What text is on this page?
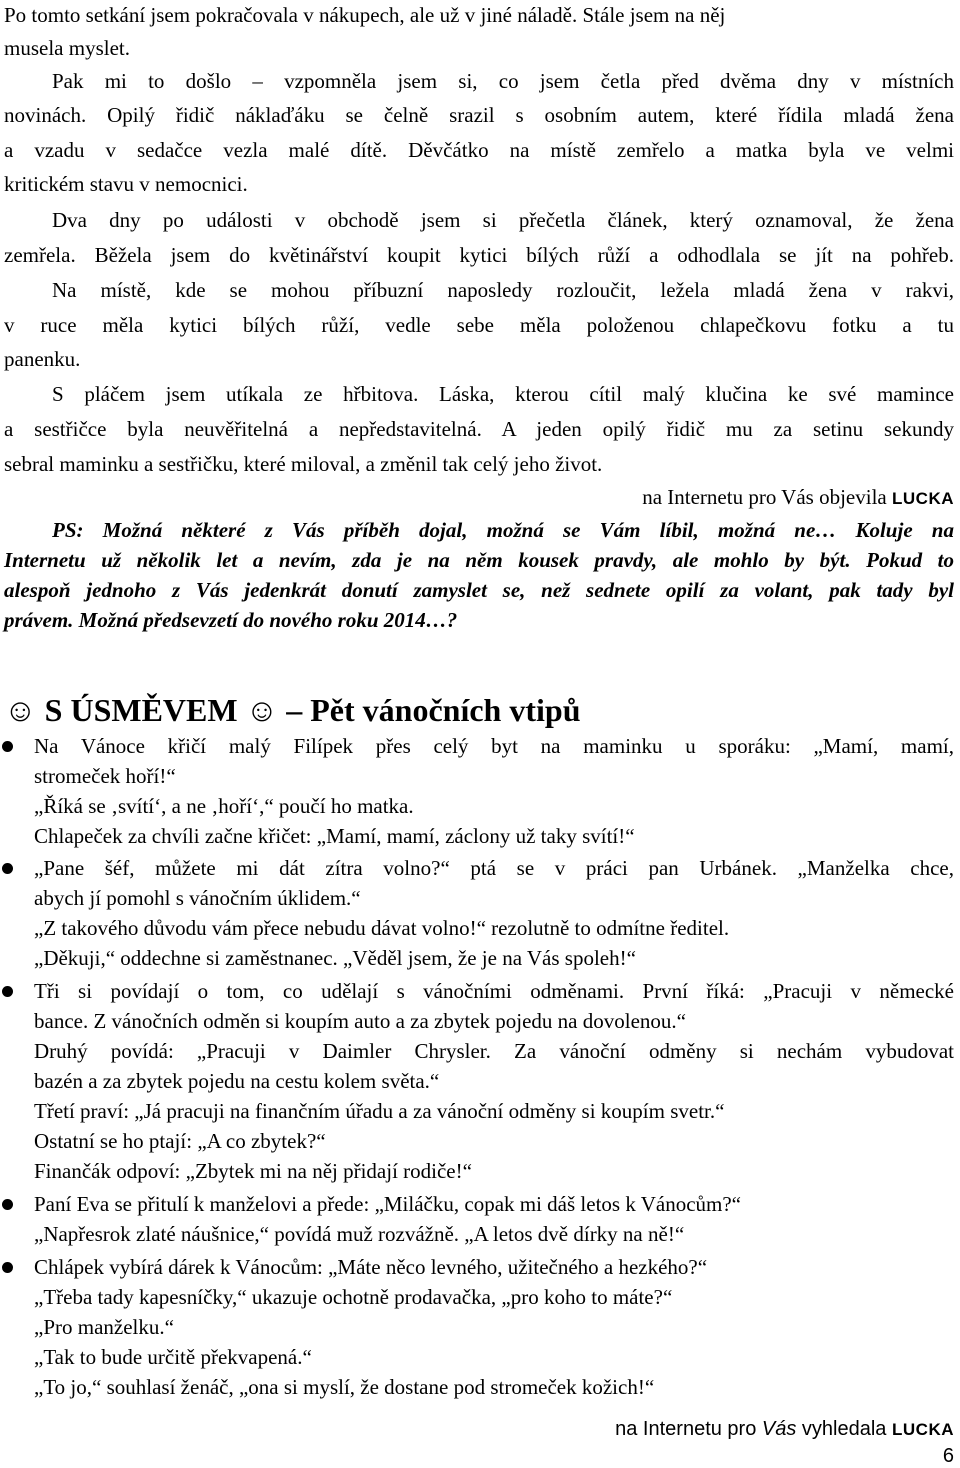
Po tomto setkání jsem pokračovala v nákupech, ale už v jiné náladě. Stále jsem na něj
musela myslet.
Pak mi to došlo – vzpomněla jsem si, co jsem četla před dvěma dny v místních
novinách. Opilý řidič náklaďáku se čelně srazil s osobním autem, které řídila mladá žena
a vzadu v sedačce vezla malé dítě. Děvčátko na místě zemřelo a matka byla ve velmi
kritickém stavu v nemocnici.
Dva dny po události v obchodě jsem si přečetla článek, který oznamoval, že žena
zemřela. Běžela jsem do květinářství koupit kytici bílých růží a odhodlala se jít na pohřeb.
Na místě, kde se mohou příbuzní naposledy rozloučit, ležela mladá žena v rakvi,
v ruce měla kytici bílých růží, vedle sebe měla položenou chlapečkovu fotku a tu
panenku.
S pláčem jsem utíkala ze hřbitova. Láska, kterou cítil malý klučina ke své mamince
a sestřičce byla neuvěřitelná a nepředstavitelná. A jeden opilý řidič mu za setinu sekundy
sebral maminku a sestřičku, které miloval, a změnil tak celý jeho život.
na Internetu pro Vás objevila LUCKA
PS: Možná některé z Vás příběh dojal, možná se Vám líbil, možná ne… Koluje na
Internetu už několik let a nevím, zda je na něm kousek pravdy, ale mohlo by být. Pokud to
alespoň jednoho z Vás jedenkrát donutí zamyslet se, než sednete opilí za volant, pak tady byl
právem. Možná předsevzetí do nového roku 2014…?
☺ S ÚSMĚVEM ☺ – Pět vánočních vtipů
Na Vánoce křičí malý Filípek přes celý byt na maminku u sporáku: „Mamí, mamí,
stromeček hoří!“
„Říká se ‚svítí‘, a ne ‚hoří‘,“ poučí ho matka.
Chlapeček za chvíli začne křičet: „Mamí, mamí, záclony už taky svítí!“
„Pane šéf, můžete mi dát zítra volno?“ ptá se v práci pan Urbánek. „Manželka chce,
abych jí pomohl s vánočním úklidem.“
„Z takového důvodu vám přece nebudu dávat volno!“ rezolutně to odmítne ředitel.
„Děkuji,“ oddechne si zaměstnanec. „Věděl jsem, že je na Vás spoleh!“
Tři si povídají o tom, co udělají s vánočními odměnami. První říká: „Pracuji v německé
bance. Z vánočních odměn si koupím auto a za zbytek pojedu na dovolenou.“
Druhý povídá: „Pracuji v Daimler Chrysler. Za vánoční odměny si nechám vybudovat
bazén a za zbytek pojedu na cestu kolem světa.“
Třetí praví: „Já pracuji na finančním úřadu a za vánoční odměny si koupím svetr.“
Ostatní se ho ptají: „A co zbytek?“
Finančák odpoví: „Zbytek mi na něj přidají rodiče!“
Paní Eva se přitulí k manželovi a přede: „Miláčku, copak mi dáš letos k Vánocům?“
„Napřesrok zlaté náušnice,“ povídá muž rozvážně. „A letos dvě dírky na ně!“
Chlápek vybírá dárek k Vánocům: „Máte něco levného, užitečného a hezkého?“
„Třeba tady kapesníčky,“ ukazuje ochotně prodavačka, „pro koho to máte?“
„Pro manželku.“
„Tak to bude určitě překvapená.“
„To jo,“ souhlasí ženáč, „ona si myslí, že dostane pod stromeček kožich!“
na Internetu pro Vás vyhledala LUCKA
6
